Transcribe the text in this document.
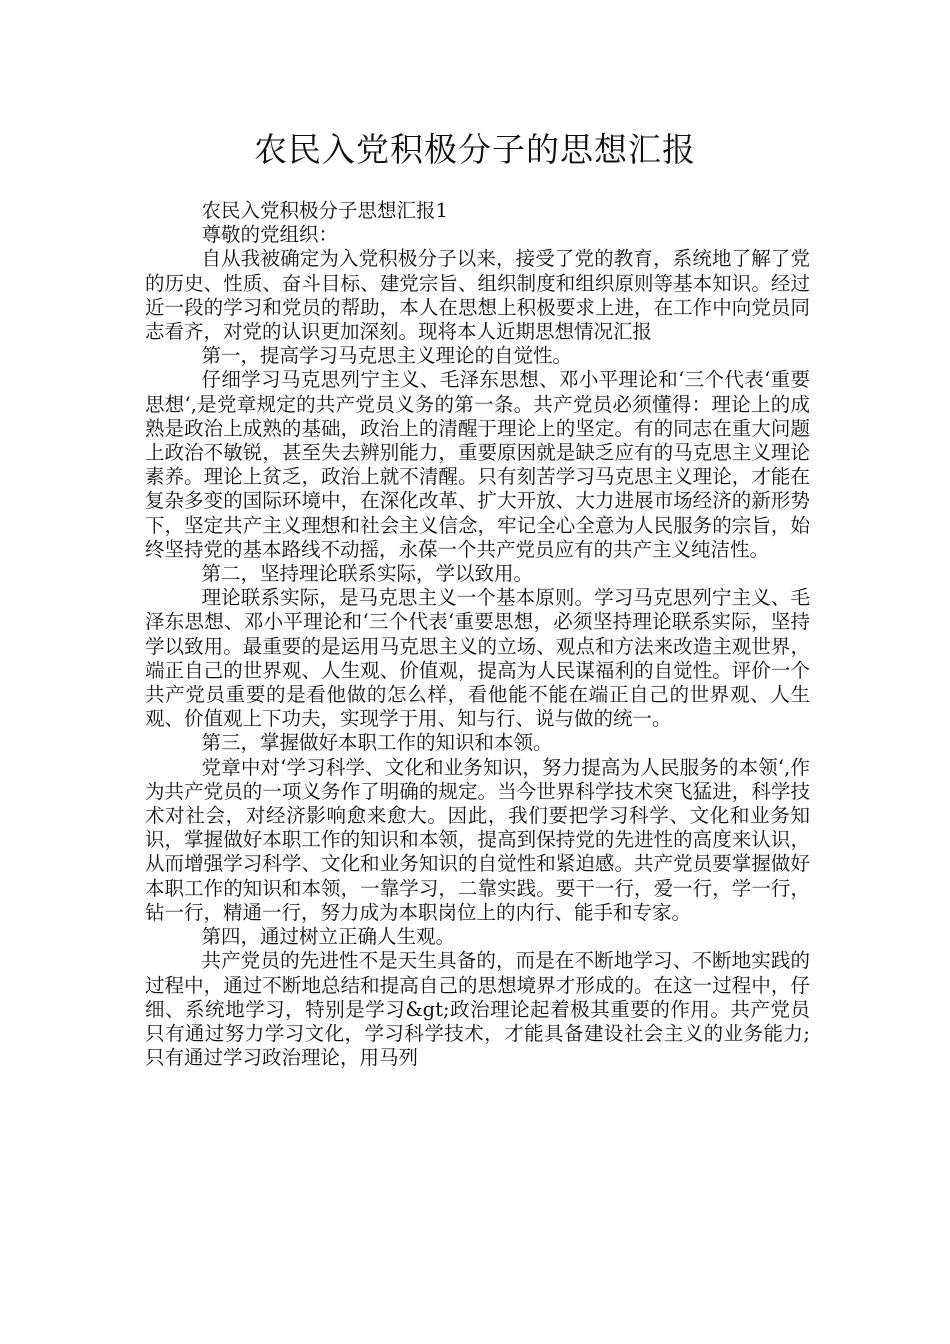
农民入党积极分子的思想汇报

农民入党积极分子思想汇报1

尊敬的党组织：

自从我被确定为入党积极分子以来，接受了党的教育，系统地了解了党的历史、性质、奋斗目标、建党宗旨、组织制度和组织原则等基本知识。经过近一段的学习和党员的帮助，本人在思想上积极要求上进，在工作中向党员同志看齐，对党的认识更加深刻。现将本人近期思想情况汇报

第一，提高学习马克思主义理论的自觉性。

仔细学习马克思列宁主义、毛泽东思想、邓小平理论和‘三个代表‘重要思想‘,是党章规定的共产党员义务的第一条。共产党员必须懂得：理论上的成熟是政治上成熟的基础，政治上的清醒于理论上的坚定。有的同志在重大问题上政治不敏锐，甚至失去辨别能力，重要原因就是缺乏应有的马克思主义理论素养。理论上贫乏，政治上就不清醒。只有刻苦学习马克思主义理论，才能在复杂多变的国际环境中，在深化改革、扩大开放、大力进展市场经济的新形势下，坚定共产主义理想和社会主义信念，牢记全心全意为人民服务的宗旨，始终坚持党的基本路线不动摇，永葆一个共产党员应有的共产主义纯洁性。

第二，坚持理论联系实际，学以致用。

理论联系实际，是马克思主义一个基本原则。学习马克思列宁主义、毛泽东思想、邓小平理论和‘三个代表‘重要思想，必须坚持理论联系实际，坚持学以致用。最重要的是运用马克思主义的立场、观点和方法来改造主观世界，端正自己的世界观、人生观、价值观，提高为人民谋福利的自觉性。评价一个共产党员重要的是看他做的怎么样，看他能不能在端正自己的世界观、人生观、价值观上下功夫，实现学于用、知与行、说与做的统一。

第三，掌握做好本职工作的知识和本领。

党章中对‘学习科学、文化和业务知识，努力提高为人民服务的本领‘,作为共产党员的一项义务作了明确的规定。当今世界科学技术突飞猛进，科学技术对社会，对经济影响愈来愈大。因此，我们要把学习科学、文化和业务知识，掌握做好本职工作的知识和本领，提高到保持党的先进性的高度来认识，从而增强学习科学、文化和业务知识的自觉性和紧迫感。共产党员要掌握做好本职工作的知识和本领，一靠学习，二靠实践。要干一行，爱一行，学一行，钻一行，精通一行，努力成为本职岗位上的内行、能手和专家。

第四，通过树立正确人生观。

共产党员的先进性不是天生具备的，而是在不断地学习、不断地实践的过程中，通过不断地总结和提高自己的思想境界才形成的。在这一过程中，仔细、系统地学习，特别是学习&gt;政治理论起着极其重要的作用。共产党员只有通过努力学习文化，学习科学技术，才能具备建设社会主义的业务能力;只有通过学习政治理论，用马列
